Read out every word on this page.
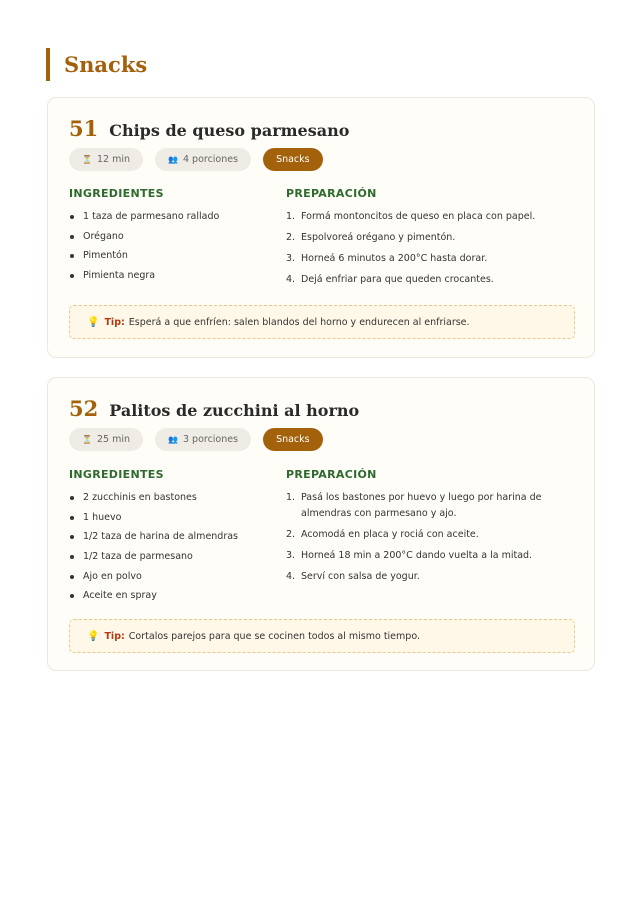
Snacks
51 Chips de queso parmesano
⏳ 12 min	👥 4 porciones	Snacks
INGREDIENTES	PREPARACIÓN
1 taza de parmesano rallado
Orégano
Pimentón
Pimienta negra
1. Formá montoncitos de queso en placa con papel.
2. Espolvoreá orégano y pimentón.
3. Horneá 6 minutos a 200°C hasta dorar.
4. Dejá enfriar para que queden crocantes.
💡 Tip: Esperá a que enfríen: salen blandos del horno y endurecen al enfriarse.
52 Palitos de zucchini al horno
⏳ 25 min	👥 3 porciones	Snacks
INGREDIENTES	PREPARACIÓN
2 zucchinis en bastones
1 huevo
1/2 taza de harina de almendras
1/2 taza de parmesano
Ajo en polvo
Aceite en spray
1. Pasá los bastones por huevo y luego por harina de almendras con parmesano y ajo.
2. Acomodá en placa y rociá con aceite.
3. Horneá 18 min a 200°C dando vuelta a la mitad.
4. Serví con salsa de yogur.
💡 Tip: Cortalos parejos para que se cocinen todos al mismo tiempo.
